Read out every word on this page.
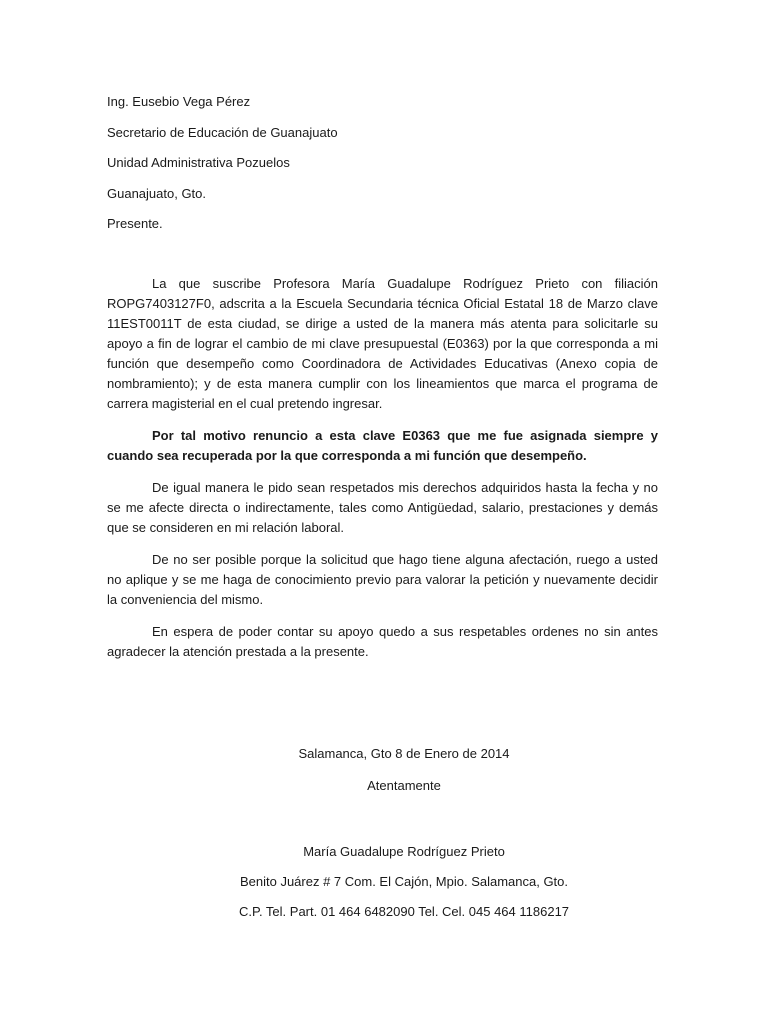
Ing. Eusebio Vega Pérez
Secretario de Educación de Guanajuato
Unidad Administrativa Pozuelos
Guanajuato, Gto.
Presente.

La que suscribe Profesora María Guadalupe Rodríguez Prieto con filiación ROPG7403127F0, adscrita a la Escuela Secundaria técnica Oficial Estatal 18 de Marzo clave 11EST0011T de esta ciudad, se dirige a usted de la manera más atenta para solicitarle su apoyo a fin de lograr el cambio de mi clave presupuestal (E0363) por la que corresponda a mi función que desempeño como Coordinadora de Actividades Educativas (Anexo copia de nombramiento); y de esta manera cumplir con los lineamientos que marca el programa de carrera magisterial en el cual pretendo ingresar.

Por tal motivo renuncio a esta clave E0363 que me fue asignada siempre y cuando sea recuperada por la que corresponda a mi función que desempeño.

De igual manera le pido sean respetados mis derechos adquiridos hasta la fecha y no se me afecte directa o indirectamente, tales como Antigüedad, salario, prestaciones y demás que se consideren en mi relación laboral.

De no ser posible porque la solicitud que hago tiene alguna afectación, ruego a usted no aplique y se me haga de conocimiento previo para valorar la petición y nuevamente decidir la conveniencia del mismo.

En espera de poder contar su apoyo quedo a sus respetables ordenes no sin antes agradecer la atención prestada a la presente.

Salamanca, Gto 8 de Enero de 2014
Atentamente
María Guadalupe Rodríguez Prieto
Benito Juárez # 7 Com. El Cajón, Mpio. Salamanca, Gto.
C.P. Tel. Part. 01 464 6482090 Tel. Cel. 045 464 1186217
